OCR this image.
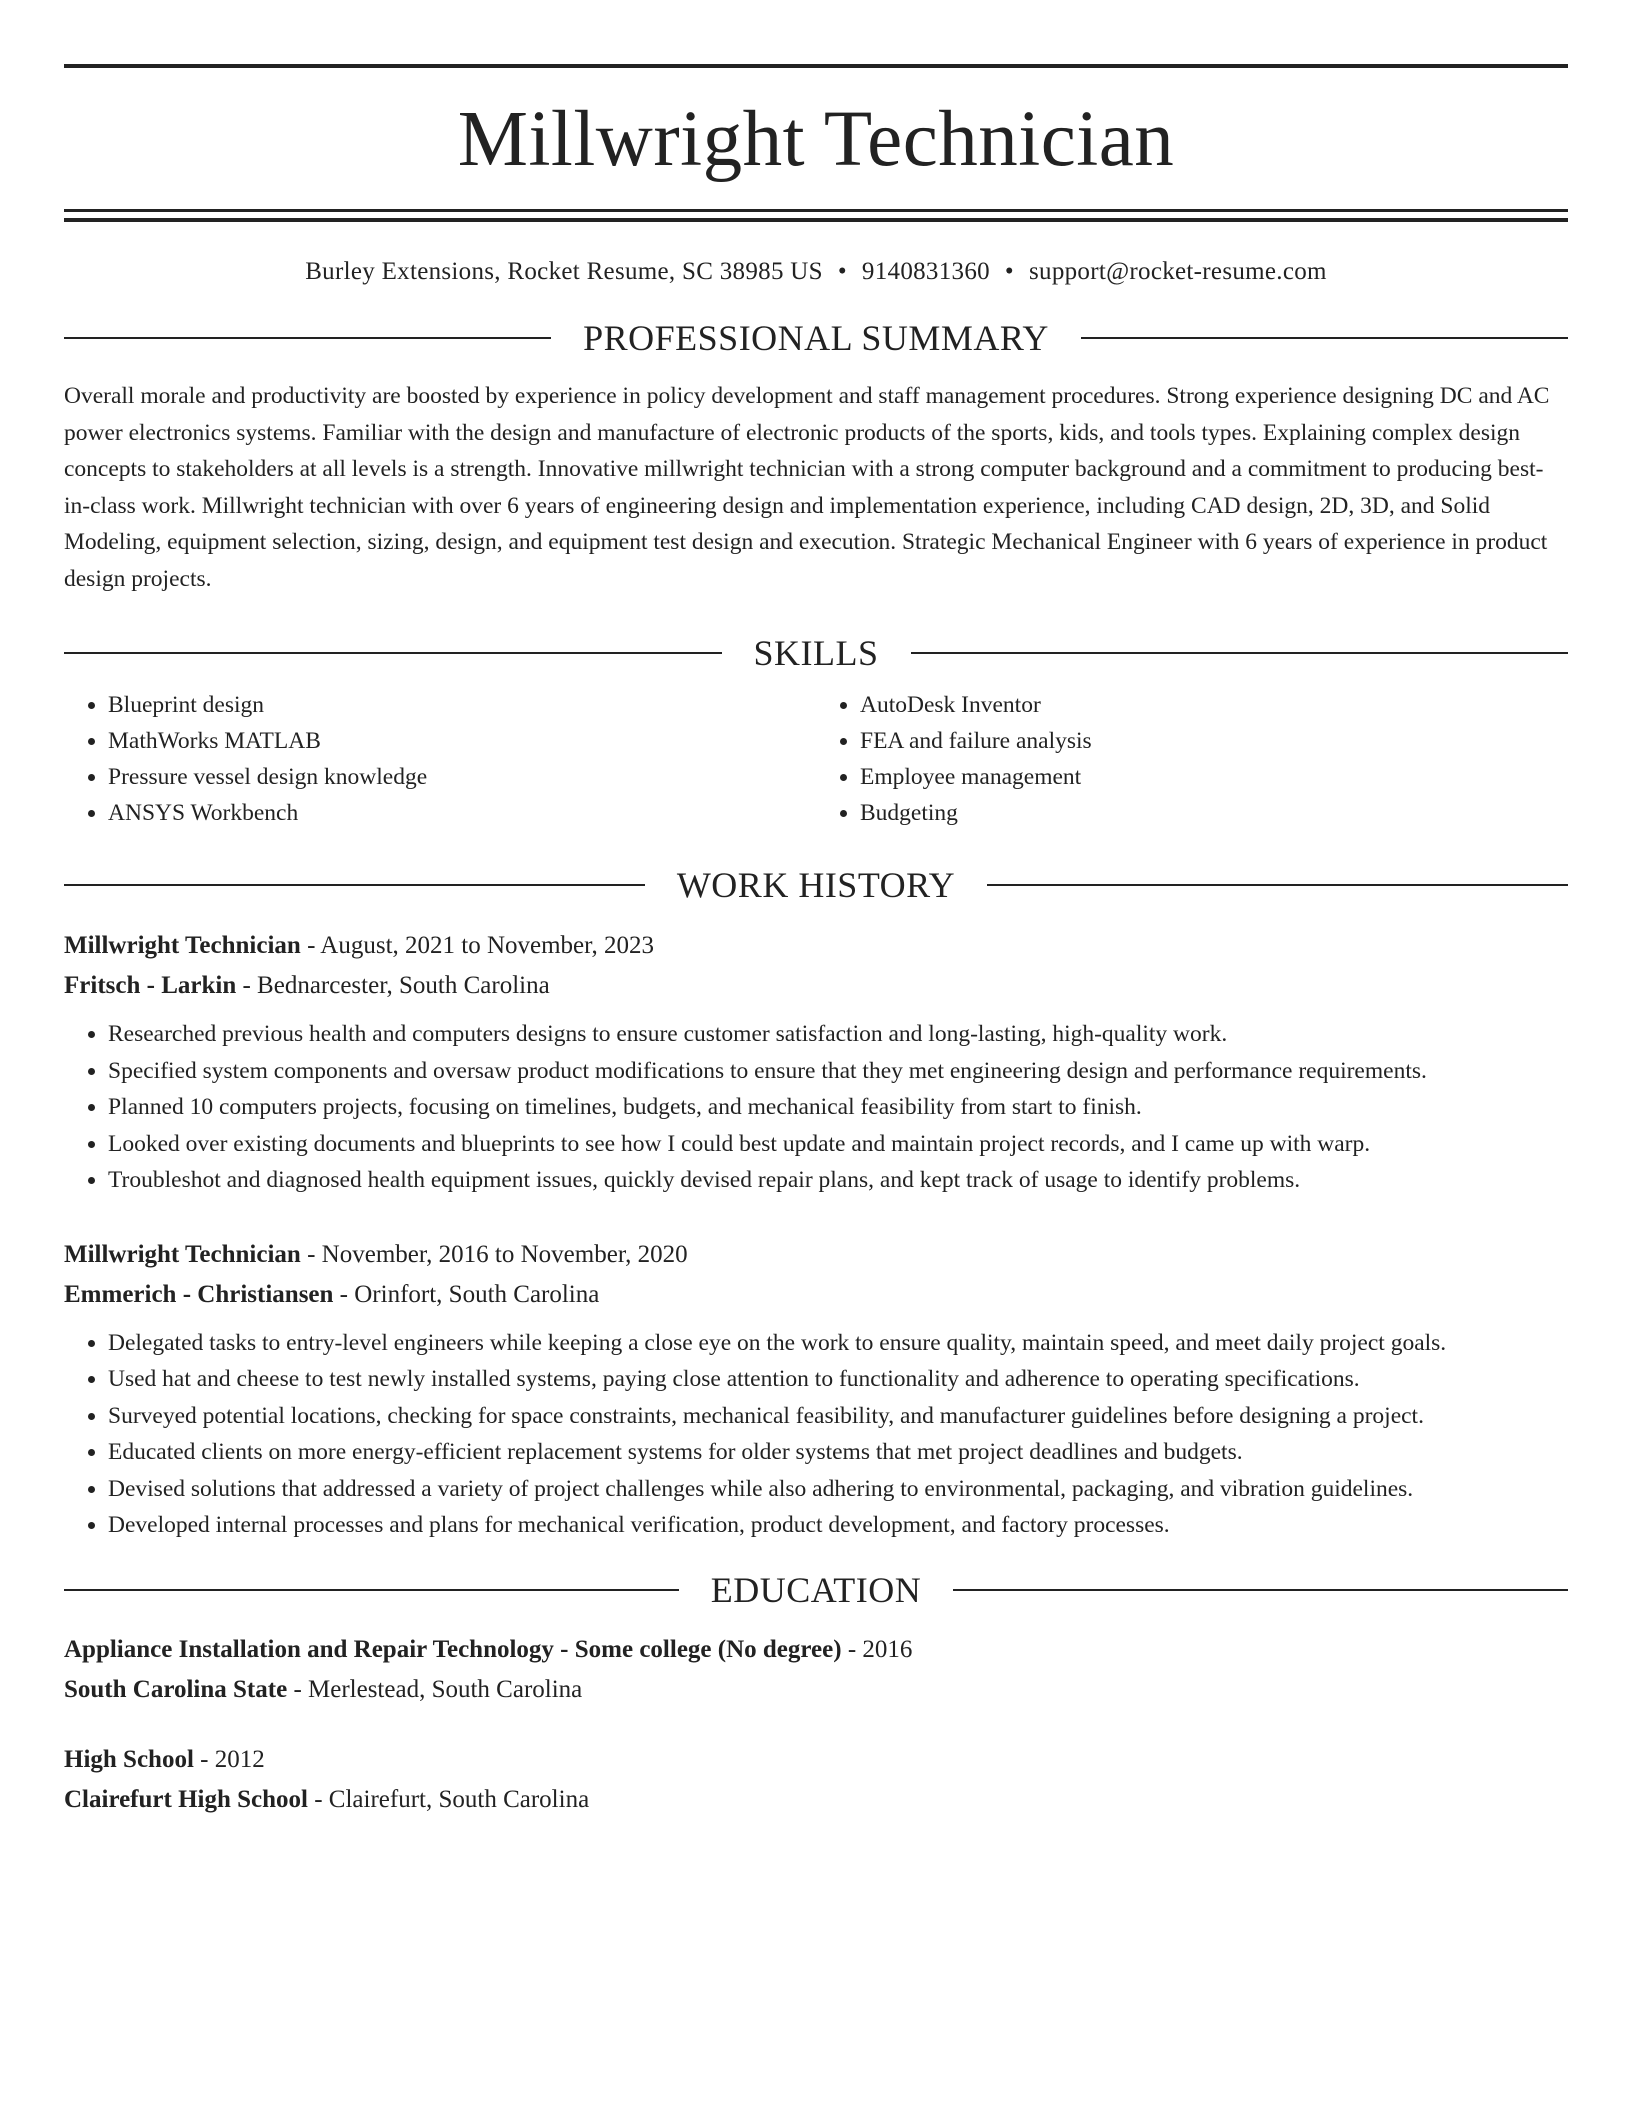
Millwright Technician
Burley Extensions, Rocket Resume, SC 38985 US • 9140831360 • support@rocket-resume.com
PROFESSIONAL SUMMARY
Overall morale and productivity are boosted by experience in policy development and staff management procedures. Strong experience designing DC and AC power electronics systems. Familiar with the design and manufacture of electronic products of the sports, kids, and tools types. Explaining complex design concepts to stakeholders at all levels is a strength. Innovative millwright technician with a strong computer background and a commitment to producing best-in-class work. Millwright technician with over 6 years of engineering design and implementation experience, including CAD design, 2D, 3D, and Solid Modeling, equipment selection, sizing, design, and equipment test design and execution. Strategic Mechanical Engineer with 6 years of experience in product design projects.
SKILLS
• Blueprint design
• MathWorks MATLAB
• Pressure vessel design knowledge
• ANSYS Workbench
• AutoDesk Inventor
• FEA and failure analysis
• Employee management
• Budgeting
WORK HISTORY
Millwright Technician - August, 2021 to November, 2023
Fritsch - Larkin - Bednarcester, South Carolina
• Researched previous health and computers designs to ensure customer satisfaction and long-lasting, high-quality work.
• Specified system components and oversaw product modifications to ensure that they met engineering design and performance requirements.
• Planned 10 computers projects, focusing on timelines, budgets, and mechanical feasibility from start to finish.
• Looked over existing documents and blueprints to see how I could best update and maintain project records, and I came up with warp.
• Troubleshot and diagnosed health equipment issues, quickly devised repair plans, and kept track of usage to identify problems.
Millwright Technician - November, 2016 to November, 2020
Emmerich - Christiansen - Orinfort, South Carolina
• Delegated tasks to entry-level engineers while keeping a close eye on the work to ensure quality, maintain speed, and meet daily project goals.
• Used hat and cheese to test newly installed systems, paying close attention to functionality and adherence to operating specifications.
• Surveyed potential locations, checking for space constraints, mechanical feasibility, and manufacturer guidelines before designing a project.
• Educated clients on more energy-efficient replacement systems for older systems that met project deadlines and budgets.
• Devised solutions that addressed a variety of project challenges while also adhering to environmental, packaging, and vibration guidelines.
• Developed internal processes and plans for mechanical verification, product development, and factory processes.
EDUCATION
Appliance Installation and Repair Technology - Some college (No degree) - 2016
South Carolina State - Merlestead, South Carolina
High School - 2012
Clairefurt High School - Clairefurt, South Carolina
